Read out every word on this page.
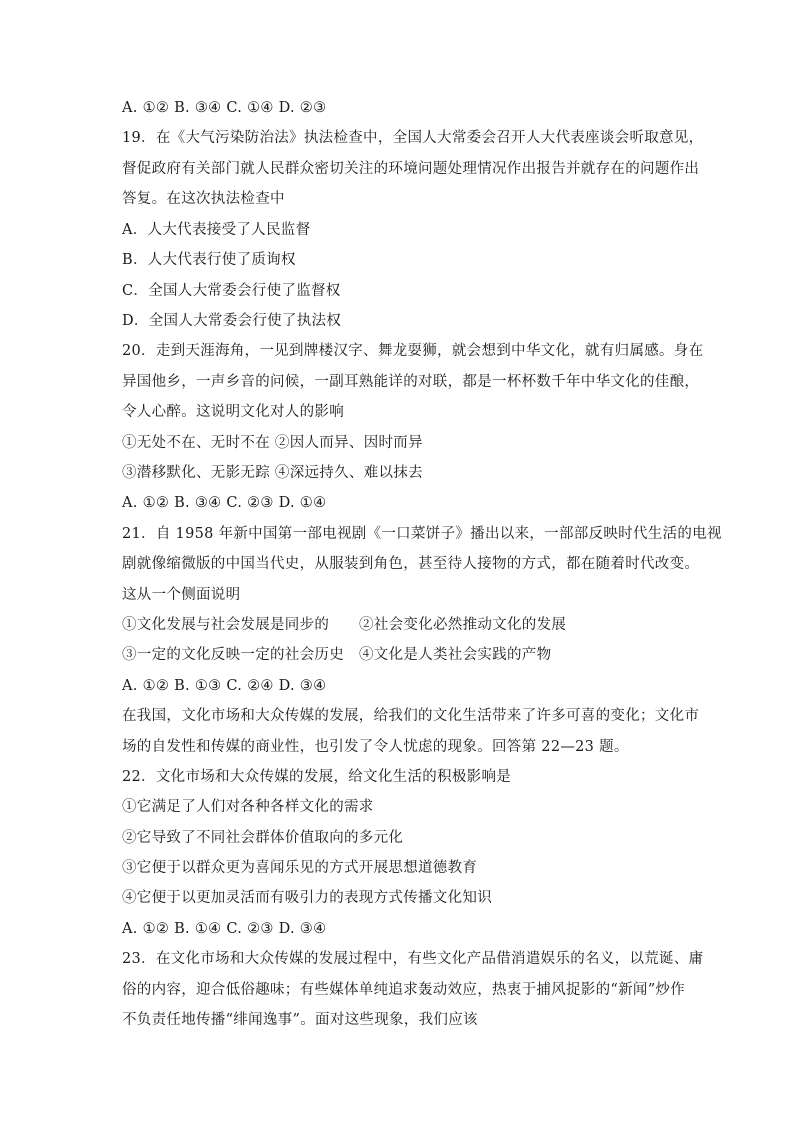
A. ①② B. ③④ C. ①④ D. ②③
19．在《大气污染防治法》执法检查中，全国人大常委会召开人大代表座谈会听取意见，
督促政府有关部门就人民群众密切关注的环境问题处理情况作出报告并就存在的问题作出
答复。在这次执法检查中
A．人大代表接受了人民监督
B．人大代表行使了质询权
C．全国人大常委会行使了监督权
D．全国人大常委会行使了执法权
20．走到天涯海角，一见到牌楼汉字、舞龙耍狮，就会想到中华文化，就有归属感。身在
异国他乡，一声乡音的问候，一副耳熟能详的对联，都是一杯杯数千年中华文化的佳酿，
令人心醉。这说明文化对人的影响
①无处不在、无时不在 ②因人而异、因时而异
③潜移默化、无影无踪 ④深远持久、难以抹去
A. ①② B. ③④ C. ②③ D. ①④
21．自 1958 年新中国第一部电视剧《一口菜饼子》播出以来，一部部反映时代生活的电视
剧就像缩微版的中国当代史，从服装到角色，甚至待人接物的方式，都在随着时代改变。
这从一个侧面说明
①文化发展与社会发展是同步的 ②社会变化必然推动文化的发展
③一定的文化反映一定的社会历史 ④文化是人类社会实践的产物
A. ①② B. ①③ C. ②④ D. ③④
在我国，文化市场和大众传媒的发展，给我们的文化生活带来了许多可喜的变化；文化市
场的自发性和传媒的商业性，也引发了令人忧虑的现象。回答第 22—23 题。
22．文化市场和大众传媒的发展，给文化生活的积极影响是
①它满足了人们对各种各样文化的需求
②它导致了不同社会群体价值取向的多元化
③它便于以群众更为喜闻乐见的方式开展思想道德教育
④它便于以更加灵活而有吸引力的表现方式传播文化知识
A. ①② B. ①④ C. ②③ D. ③④
23．在文化市场和大众传媒的发展过程中，有些文化产品借消遣娱乐的名义，以荒诞、庸
俗的内容，迎合低俗趣味；有些媒体单纯追求轰动效应，热衷于捕风捉影的“新闻”炒作
不负责任地传播“绯闻逸事”。面对这些现象，我们应该
